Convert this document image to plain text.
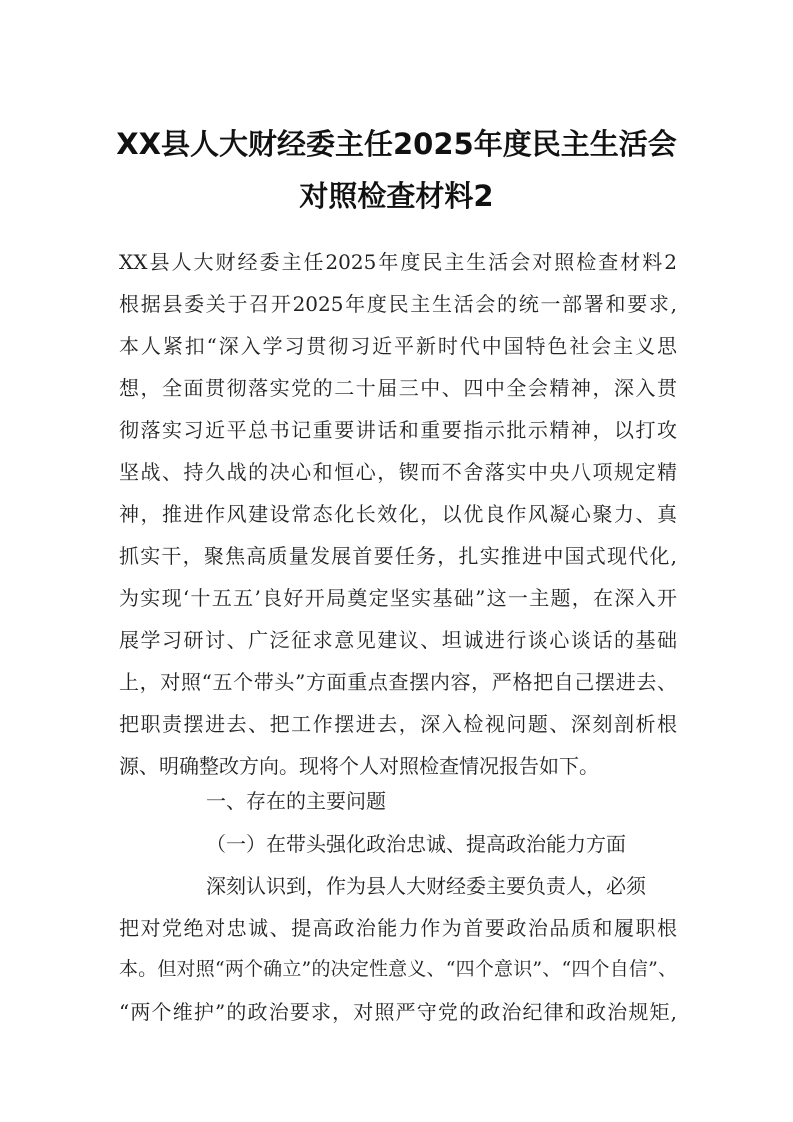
XX县人大财经委主任2025年度民主生活会
对照检查材料2
XX县人大财经委主任2025年度民主生活会对照检查材料2
根据县委关于召开2025年度民主生活会的统一部署和要求,
本人紧扣“深入学习贯彻习近平新时代中国特色社会主义思
想，全面贯彻落实党的二十届三中、四中全会精神，深入贯
彻落实习近平总书记重要讲话和重要指示批示精神，以打攻
坚战、持久战的决心和恒心，锲而不舍落实中央八项规定精
神，推进作风建设常态化长效化，以优良作风凝心聚力、真
抓实干，聚焦高质量发展首要任务，扎实推进中国式现代化,
为实现‘十五五’良好开局奠定坚实基础”这一主题，在深入开
展学习研讨、广泛征求意见建议、坦诚进行谈心谈话的基础
上，对照“五个带头”方面重点查摆内容，严格把自己摆进去、
把职责摆进去、把工作摆进去，深入检视问题、深刻剖析根
源、明确整改方向。现将个人对照检查情况报告如下。
一、存在的主要问题
（一）在带头强化政治忠诚、提高政治能力方面
深刻认识到，作为县人大财经委主要负责人，必须
把对党绝对忠诚、提高政治能力作为首要政治品质和履职根
本。但对照“两个确立”的决定性意义、“四个意识”、“四个自信”、
“两个维护”的政治要求，对照严守党的政治纪律和政治规矩,
